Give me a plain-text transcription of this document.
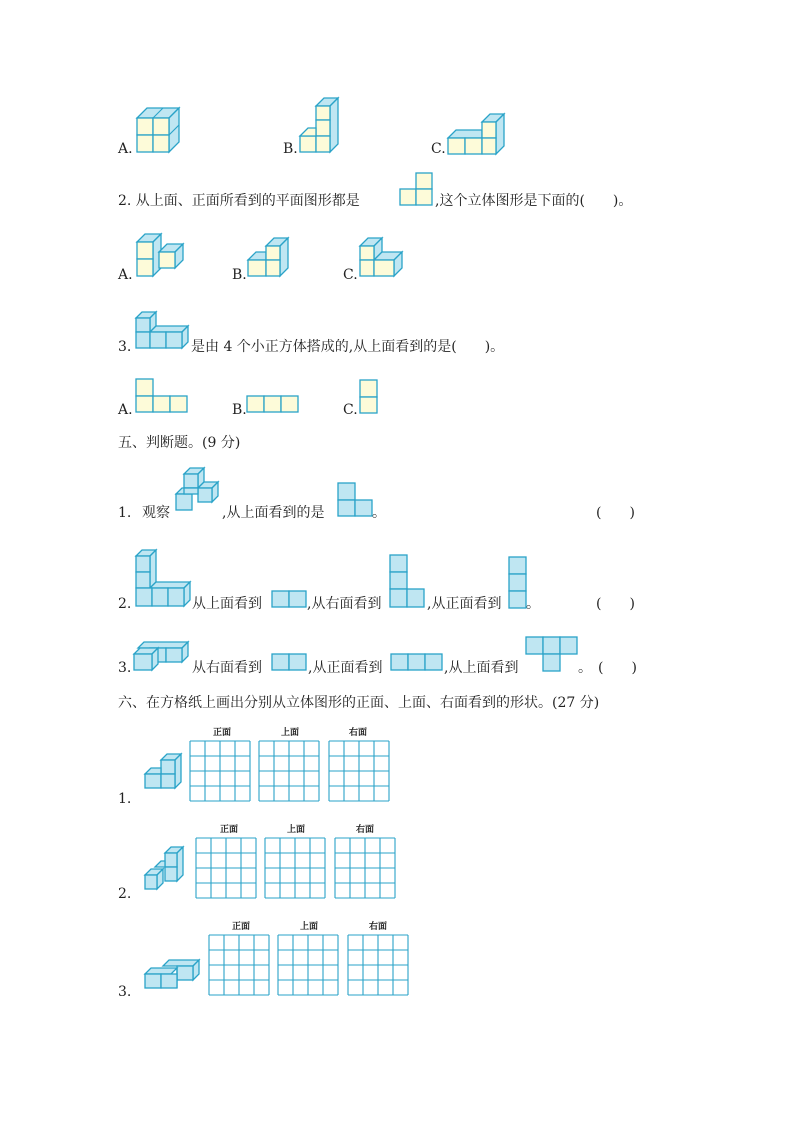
A.	B.	C.
2. 从上面、正面所看到的平面图形都是	,这个立体图形是下面的(　　)。
A.	B.	C.
3.	是由 4 个小正方体搭成的,从上面看到的是(　　)。
A.	B.	C.
五、判断题。(9 分)
1. 观察	,从上面看到的是	。	(　　)
2.	从上面看到	,从右面看到	,从正面看到 。	(　　)
3.	从右面看到	,从正面看到	,从上面看到	。 (　　)
六、在方格纸上画出分别从立体图形的正面、上面、右面看到的形状。(27 分)
1.
正面	上面	右面
2.
正面	上面	右面
3.
正面	上面	右面
